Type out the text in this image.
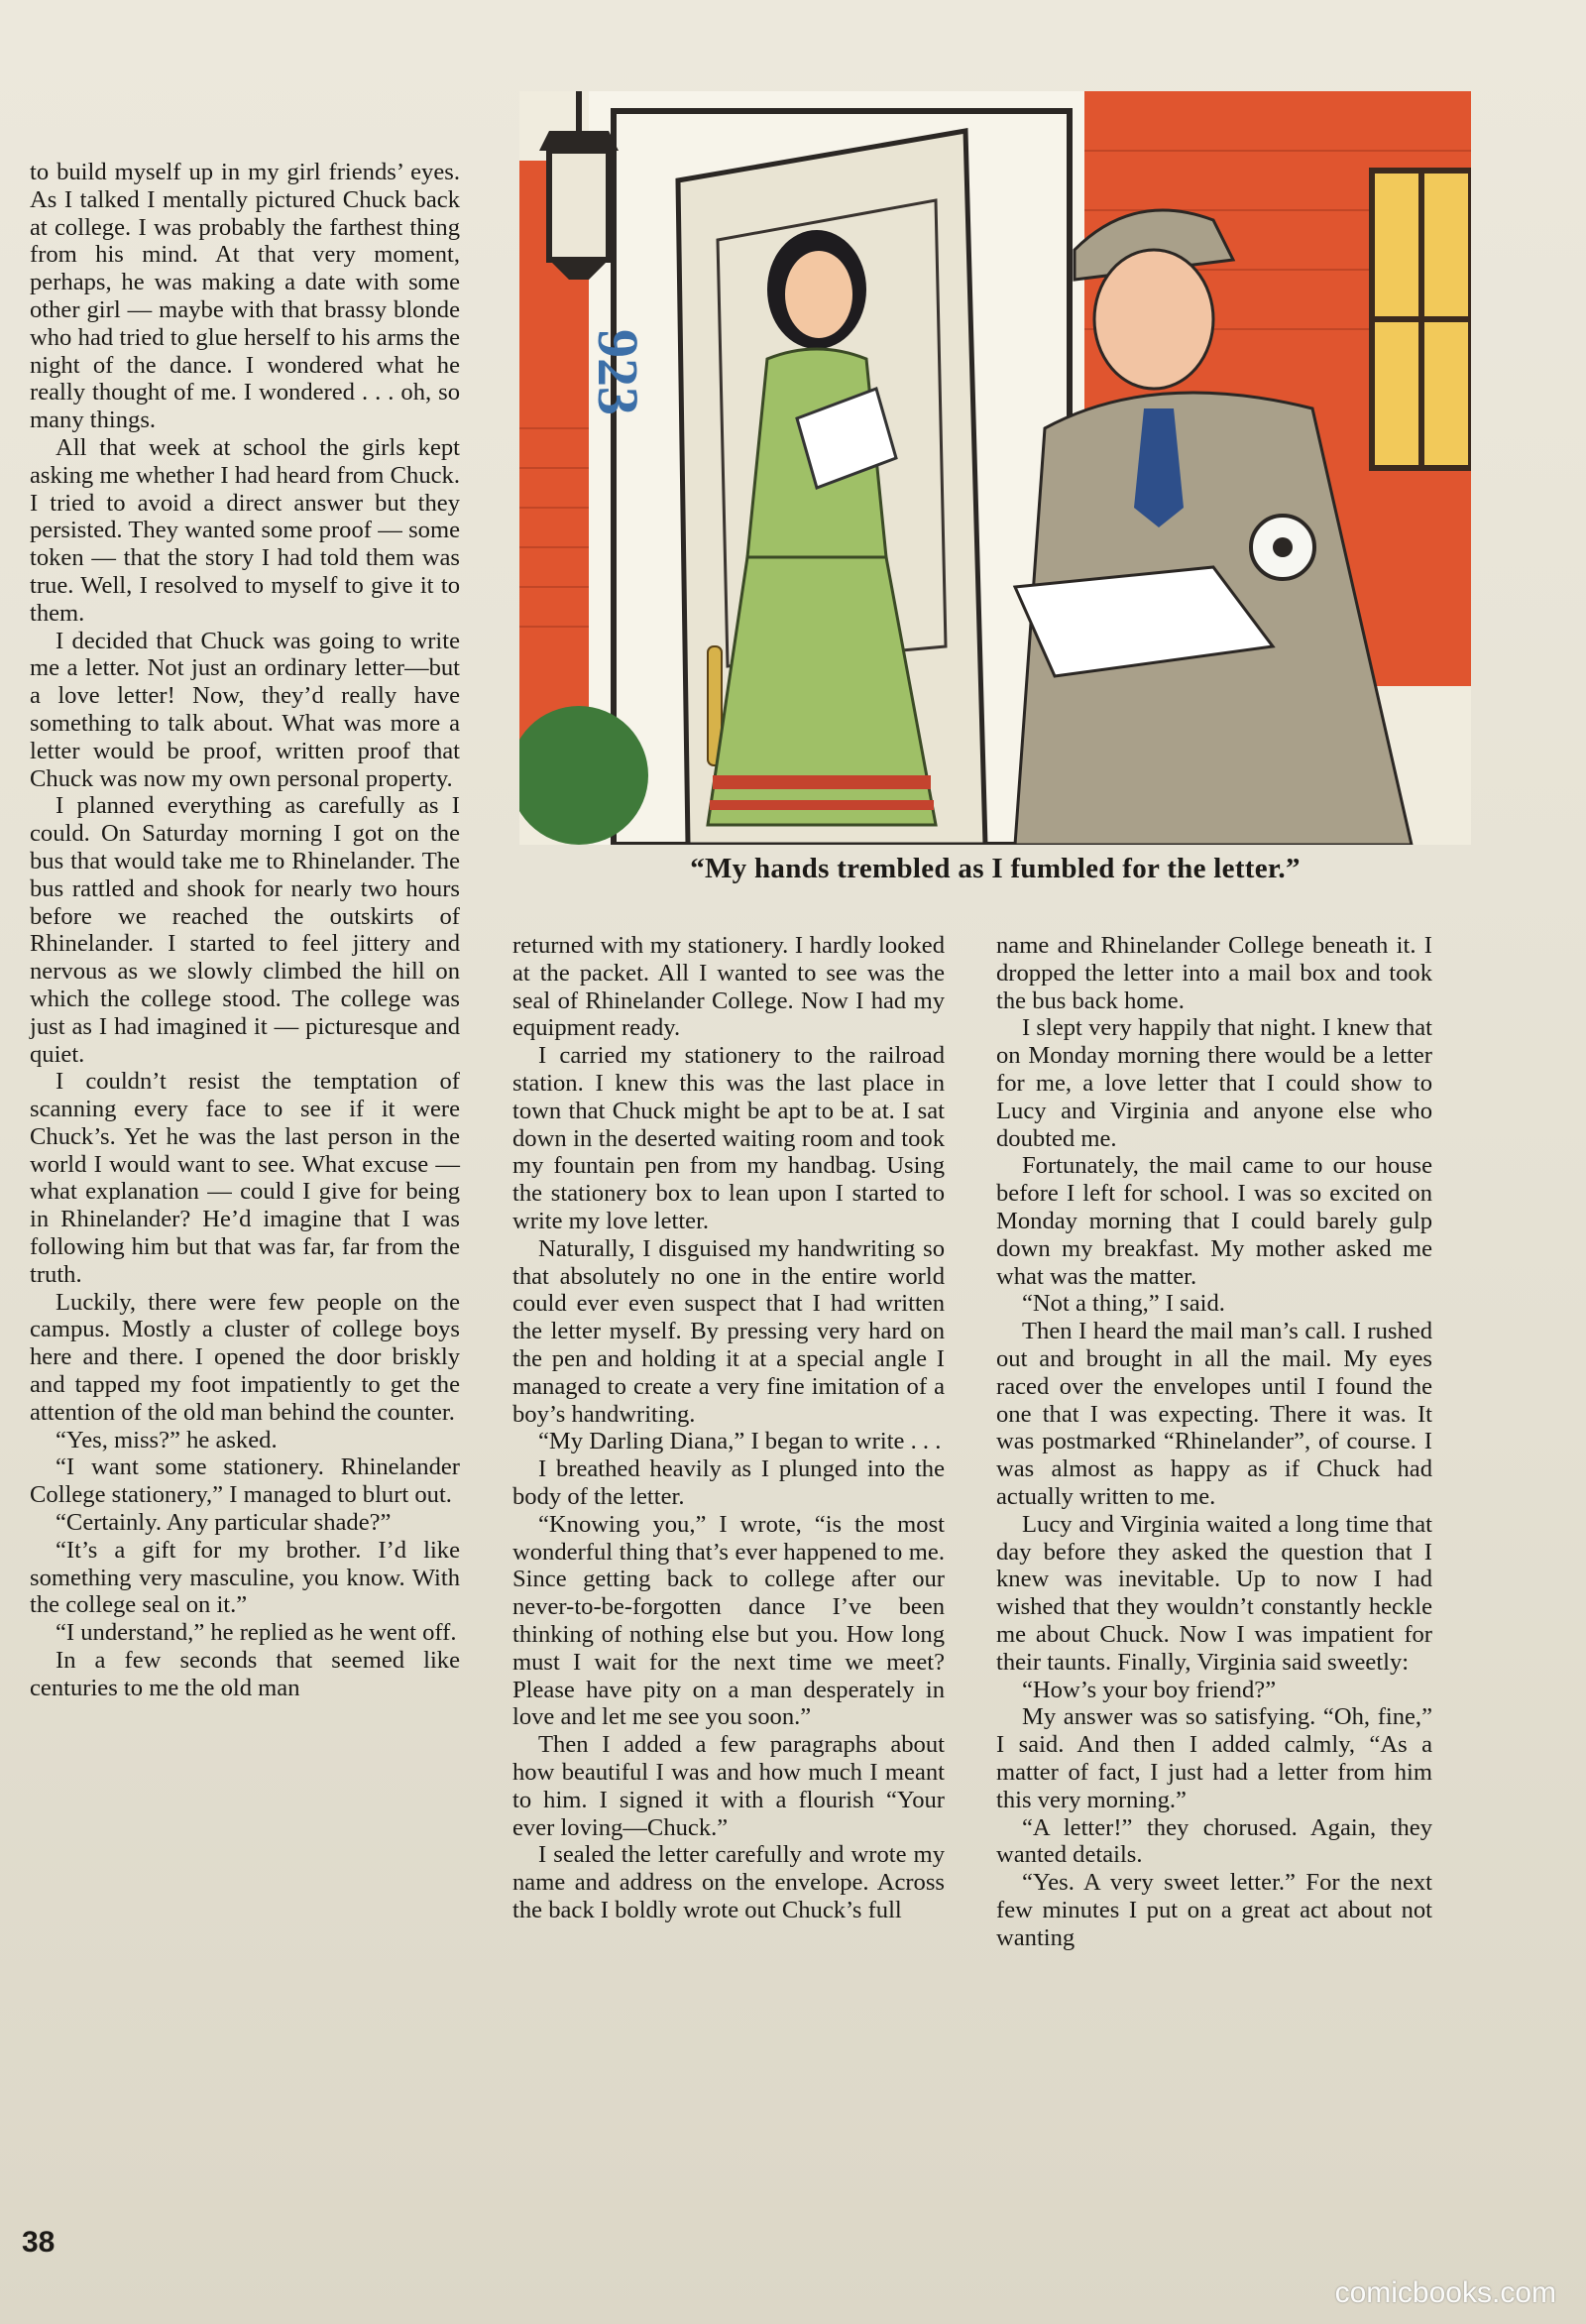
to build myself up in my girl friends’ eyes. As I talked I mentally pictured Chuck back at college. I was probably the farthest thing from his mind. At that very moment, perhaps, he was making a date with some other girl — maybe with that brassy blonde who had tried to glue herself to his arms the night of the dance. I wondered what he really thought of me. I wondered . . . oh, so many things.

All that week at school the girls kept asking me whether I had heard from Chuck. I tried to avoid a direct answer but they persisted. They wanted some proof — some token — that the story I had told them was true. Well, I resolved to myself to give it to them.

I decided that Chuck was going to write me a letter. Not just an ordinary letter—but a love letter! Now, they’d really have something to talk about. What was more a letter would be proof, written proof that Chuck was now my own personal property.

I planned everything as carefully as I could. On Saturday morning I got on the bus that would take me to Rhinelander. The bus rattled and shook for nearly two hours before we reached the outskirts of Rhinelander. I started to feel jittery and nervous as we slowly climbed the hill on which the college stood. The college was just as I had imagined it — picturesque and quiet.

I couldn’t resist the temptation of scanning every face to see if it were Chuck’s. Yet he was the last person in the world I would want to see. What excuse — what explanation — could I give for being in Rhinelander? He’d imagine that I was following him but that was far, far from the truth.

Luckily, there were few people on the campus. Mostly a cluster of college boys here and there. I opened the door briskly and tapped my foot impatiently to get the attention of the old man behind the counter.

“Yes, miss?” he asked.

“I want some stationery. Rhinelander College stationery,” I managed to blurt out.

“Certainly. Any particular shade?”

“It’s a gift for my brother. I’d like something very masculine, you know. With the college seal on it.”

“I understand,” he replied as he went off.

In a few seconds that seemed like centuries to me the old man

923
“My hands trembled as I fumbled for the letter.”

returned with my stationery. I hardly looked at the packet. All I wanted to see was the seal of Rhinelander College. Now I had my equipment ready.

I carried my stationery to the railroad station. I knew this was the last place in town that Chuck might be apt to be at. I sat down in the deserted waiting room and took my fountain pen from my handbag. Using the stationery box to lean upon I started to write my love letter.

Naturally, I disguised my handwriting so that absolutely no one in the entire world could ever even suspect that I had written the letter myself. By pressing very hard on the pen and holding it at a special angle I managed to create a very fine imitation of a boy’s handwriting.

“My Darling Diana,” I began to write . . .

I breathed heavily as I plunged into the body of the letter.

“Knowing you,” I wrote, “is the most wonderful thing that’s ever happened to me. Since getting back to college after our never-to-be-forgotten dance I’ve been thinking of nothing else but you. How long must I wait for the next time we meet? Please have pity on a man desperately in love and let me see you soon.”

Then I added a few paragraphs about how beautiful I was and how much I meant to him. I signed it with a flourish “Your ever loving—Chuck.”

I sealed the letter carefully and wrote my name and address on the envelope. Across the back I boldly wrote out Chuck’s full

name and Rhinelander College beneath it. I dropped the letter into a mail box and took the bus back home.

I slept very happily that night. I knew that on Monday morning there would be a letter for me, a love letter that I could show to Lucy and Virginia and anyone else who doubted me.

Fortunately, the mail came to our house before I left for school. I was so excited on Monday morning that I could barely gulp down my breakfast. My mother asked me what was the matter.

“Not a thing,” I said.

Then I heard the mail man’s call. I rushed out and brought in all the mail. My eyes raced over the envelopes until I found the one that I was expecting. There it was. It was postmarked “Rhinelander”, of course. I was almost as happy as if Chuck had actually written to me.

Lucy and Virginia waited a long time that day before they asked the question that I knew was inevitable. Up to now I had wished that they wouldn’t constantly heckle me about Chuck. Now I was impatient for their taunts. Finally, Virginia said sweetly:

“How’s your boy friend?”

My answer was so satisfying. “Oh, fine,” I said. And then I added calmly, “As a matter of fact, I just had a letter from him this very morning.”

“A letter!” they chorused. Again, they wanted details.

“Yes. A very sweet letter.” For the next few minutes I put on a great act about not wanting

38
comicbooks.com
